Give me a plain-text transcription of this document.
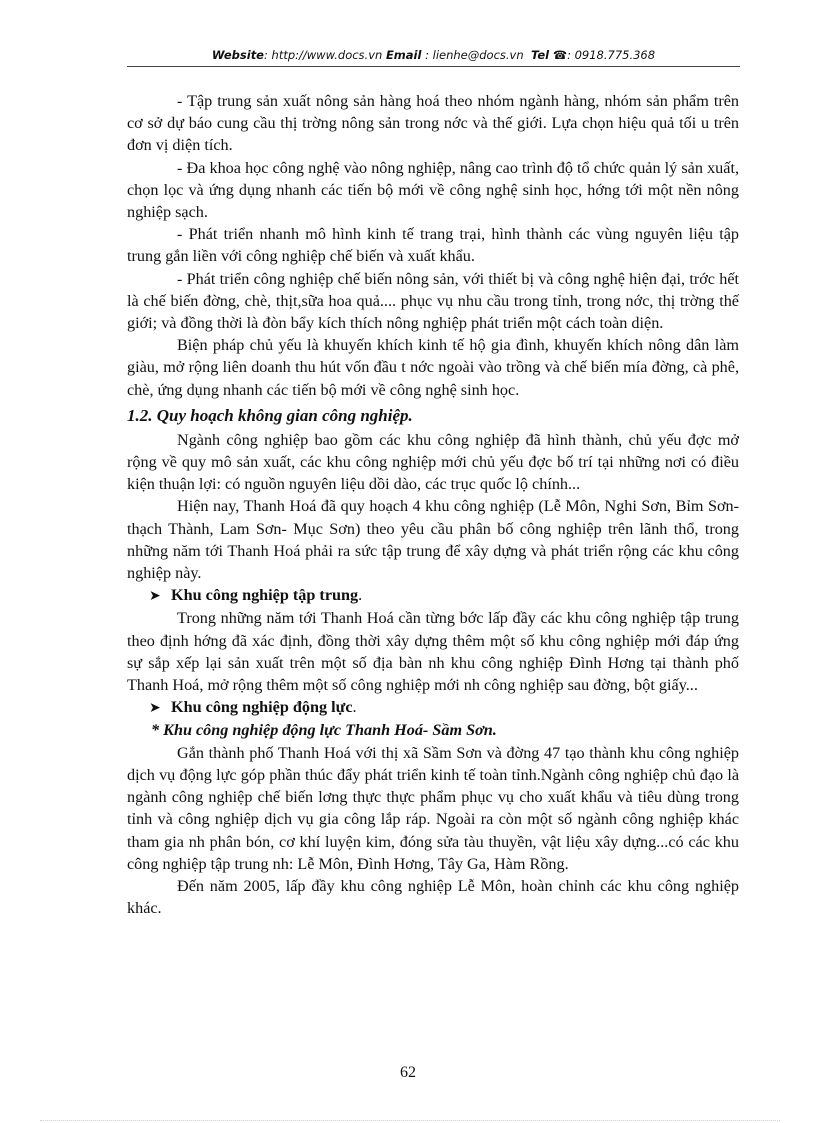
Website: http://www.docs.vn Email : lienhe@docs.vn Tel ☎: 0918.775.368

- Tập trung sản xuất nông sản hàng hoá theo nhóm ngành hàng, nhóm sản phẩm trên cơ sở dự báo cung cầu thị trờng nông sản trong nớc và thế giới. Lựa chọn hiệu quả tối u trên đơn vị diện tích.

- Đa khoa học công nghệ vào nông nghiệp, nâng cao trình độ tổ chức quản lý sản xuất, chọn lọc và ứng dụng nhanh các tiến bộ mới về công nghệ sinh học, hớng tới một nền nông nghiệp sạch.

- Phát triển nhanh mô hình kinh tế trang trại, hình thành các vùng nguyên liệu tập trung gắn liền với công nghiệp chế biến và xuất khẩu.

- Phát triển công nghiệp chế biến nông sản, với thiết bị và công nghệ hiện đại, trớc hết là chế biến đờng, chè, thịt,sữa hoa quả.... phục vụ nhu cầu trong tỉnh, trong nớc, thị trờng thế giới; và đồng thời là đòn bẩy kích thích nông nghiệp phát triển một cách toàn diện.

Biện pháp chủ yếu là khuyến khích kinh tế hộ gia đình, khuyến khích nông dân làm giàu, mở rộng liên doanh thu hút vốn đầu t nớc ngoài vào trồng và chế biến mía đờng, cà phê, chè, ứng dụng nhanh các tiến bộ mới về công nghệ sinh học.

1.2. Quy hoạch không gian công nghiệp.

Ngành công nghiệp bao gồm các khu công nghiệp đã hình thành, chủ yếu đợc mở rộng về quy mô sản xuất, các khu công nghiệp mới chủ yếu đợc bố trí tại những nơi có điều kiện thuận lợi: có nguồn nguyên liệu dồi dào, các trục quốc lộ chính...

Hiện nay, Thanh Hoá đã quy hoạch 4 khu công nghiệp (Lễ Môn, Nghi Sơn, Bỉm Sơn- thạch Thành, Lam Sơn- Mục Sơn) theo yêu cầu phân bố công nghiệp trên lãnh thổ, trong những năm tới Thanh Hoá phải ra sức tập trung để xây dựng và phát triển rộng các khu công nghiệp này.

➤ Khu công nghiệp tập trung.

Trong những năm tới Thanh Hoá cần từng bớc lấp đầy các khu công nghiệp tập trung theo định hớng đã xác định, đồng thời xây dựng thêm một số khu công nghiệp mới đáp ứng sự sắp xếp lại sản xuất trên một số địa bàn nh khu công nghiệp Đình Hơng tại thành phố Thanh Hoá, mở rộng thêm một số công nghiệp mới nh công nghiệp sau đờng, bột giấy...

➤ Khu công nghiệp động lực.
* Khu công nghiệp động lực Thanh Hoá- Sầm Sơn.

Gắn thành phố Thanh Hoá với thị xã Sầm Sơn và đờng 47 tạo thành khu công nghiệp dịch vụ động lực góp phần thúc đẩy phát triển kinh tế toàn tỉnh.Ngành công nghiệp chủ đạo là ngành công nghiệp chế biến lơng thực thực phẩm phục vụ cho xuất khẩu và tiêu dùng trong tỉnh và công nghiệp dịch vụ gia công lắp ráp. Ngoài ra còn một số ngành công nghiệp khác tham gia nh phân bón, cơ khí luyện kim, đóng sửa tàu thuyền, vật liệu xây dựng...có các khu công nghiệp tập trung nh: Lễ Môn, Đình Hơng, Tây Ga, Hàm Rồng.

Đến năm 2005, lấp đầy khu công nghiệp Lễ Môn, hoàn chỉnh các khu công nghiệp khác.

62
